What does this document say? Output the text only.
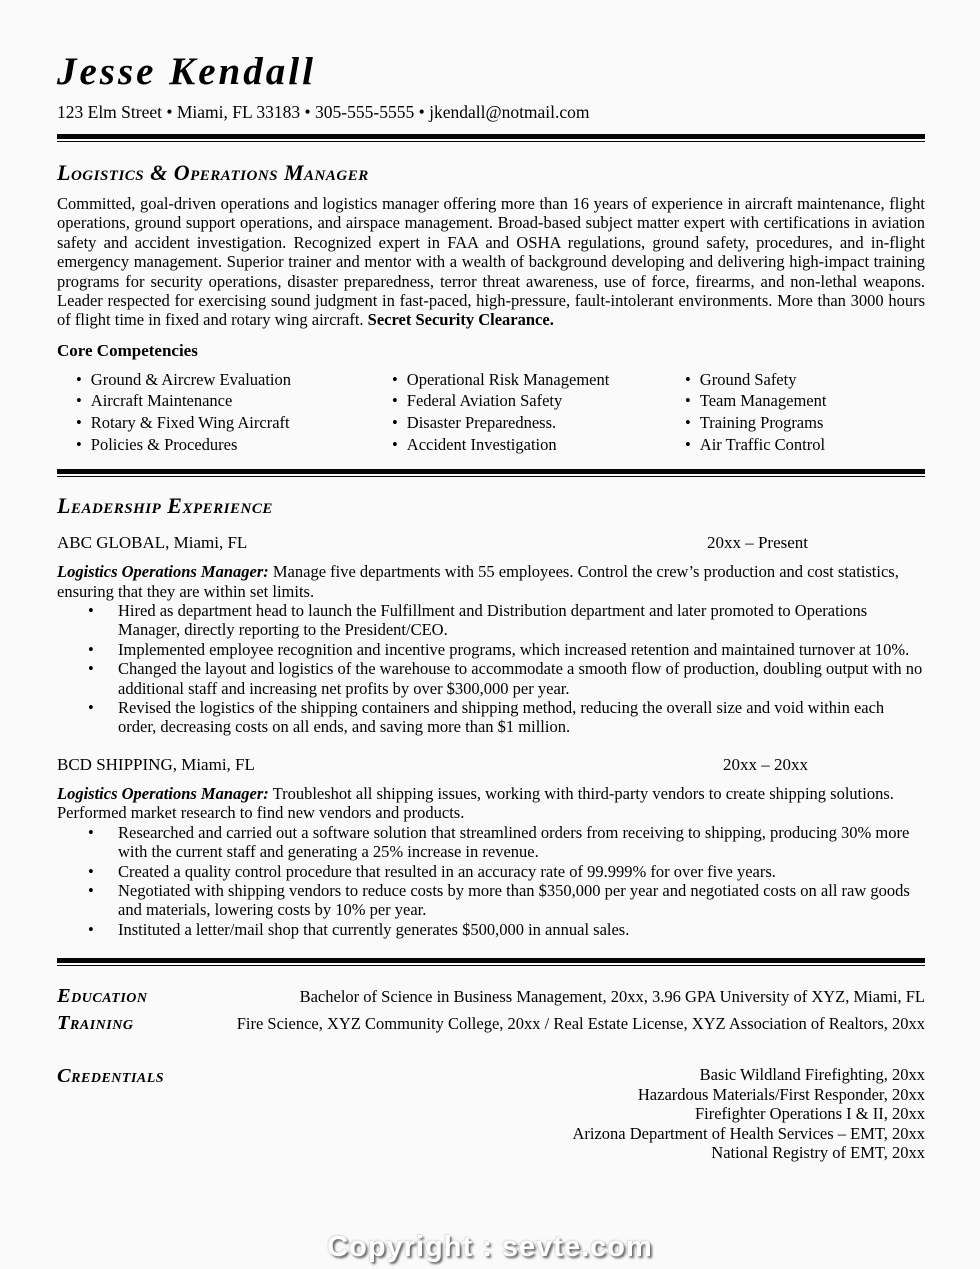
Jesse Kendall
123 Elm Street • Miami, FL 33183 • 305-555-5555 • jkendall@notmail.com
Logistics & Operations Manager

Committed, goal-driven operations and logistics manager offering more than 16 years of experience in aircraft maintenance, flight operations, ground support operations, and airspace management. Broad-based subject matter expert with certifications in aviation safety and accident investigation. Recognized expert in FAA and OSHA regulations, ground safety, procedures, and in-flight emergency management. Superior trainer and mentor with a wealth of background developing and delivering high-impact training programs for security operations, disaster preparedness, terror threat awareness, use of force, firearms, and non-lethal weapons. Leader respected for exercising sound judgment in fast-paced, high-pressure, fault-intolerant environments. More than 3000 hours of flight time in fixed and rotary wing aircraft. Secret Security Clearance.

Core Competencies
• Ground & Aircrew Evaluation
• Aircraft Maintenance
• Rotary & Fixed Wing Aircraft
• Policies & Procedures
• Operational Risk Management
• Federal Aviation Safety
• Disaster Preparedness.
• Accident Investigation
• Ground Safety
• Team Management
• Training Programs
• Air Traffic Control
Leadership Experience
ABC GLOBAL, Miami, FL	20xx – Present

Logistics Operations Manager: Manage five departments with 55 employees. Control the crew’s production and cost statistics, ensuring that they are within set limits.

• Hired as department head to launch the Fulfillment and Distribution department and later promoted to Operations Manager, directly reporting to the President/CEO.
• Implemented employee recognition and incentive programs, which increased retention and maintained turnover at 10%.
• Changed the layout and logistics of the warehouse to accommodate a smooth flow of production, doubling output with no additional staff and increasing net profits by over $300,000 per year.
• Revised the logistics of the shipping containers and shipping method, reducing the overall size and void within each order, decreasing costs on all ends, and saving more than $1 million.
BCD SHIPPING, Miami, FL	20xx – 20xx

Logistics Operations Manager: Troubleshot all shipping issues, working with third-party vendors to create shipping solutions. Performed market research to find new vendors and products.

• Researched and carried out a software solution that streamlined orders from receiving to shipping, producing 30% more with the current staff and generating a 25% increase in revenue.
• Created a quality control procedure that resulted in an accuracy rate of 99.999% for over five years.
• Negotiated with shipping vendors to reduce costs by more than $350,000 per year and negotiated costs on all raw goods and materials, lowering costs by 10% per year.
• Instituted a letter/mail shop that currently generates $500,000 in annual sales.
Education	Bachelor of Science in Business Management, 20xx, 3.96 GPA University of XYZ, Miami, FL
Training	Fire Science, XYZ Community College, 20xx / Real Estate License, XYZ Association of Realtors, 20xx
Credentials	Basic Wildland Firefighting, 20xx
Hazardous Materials/First Responder, 20xx
Firefighter Operations I & II, 20xx
Arizona Department of Health Services – EMT, 20xx
National Registry of EMT, 20xx
Copyright : sevte.com
